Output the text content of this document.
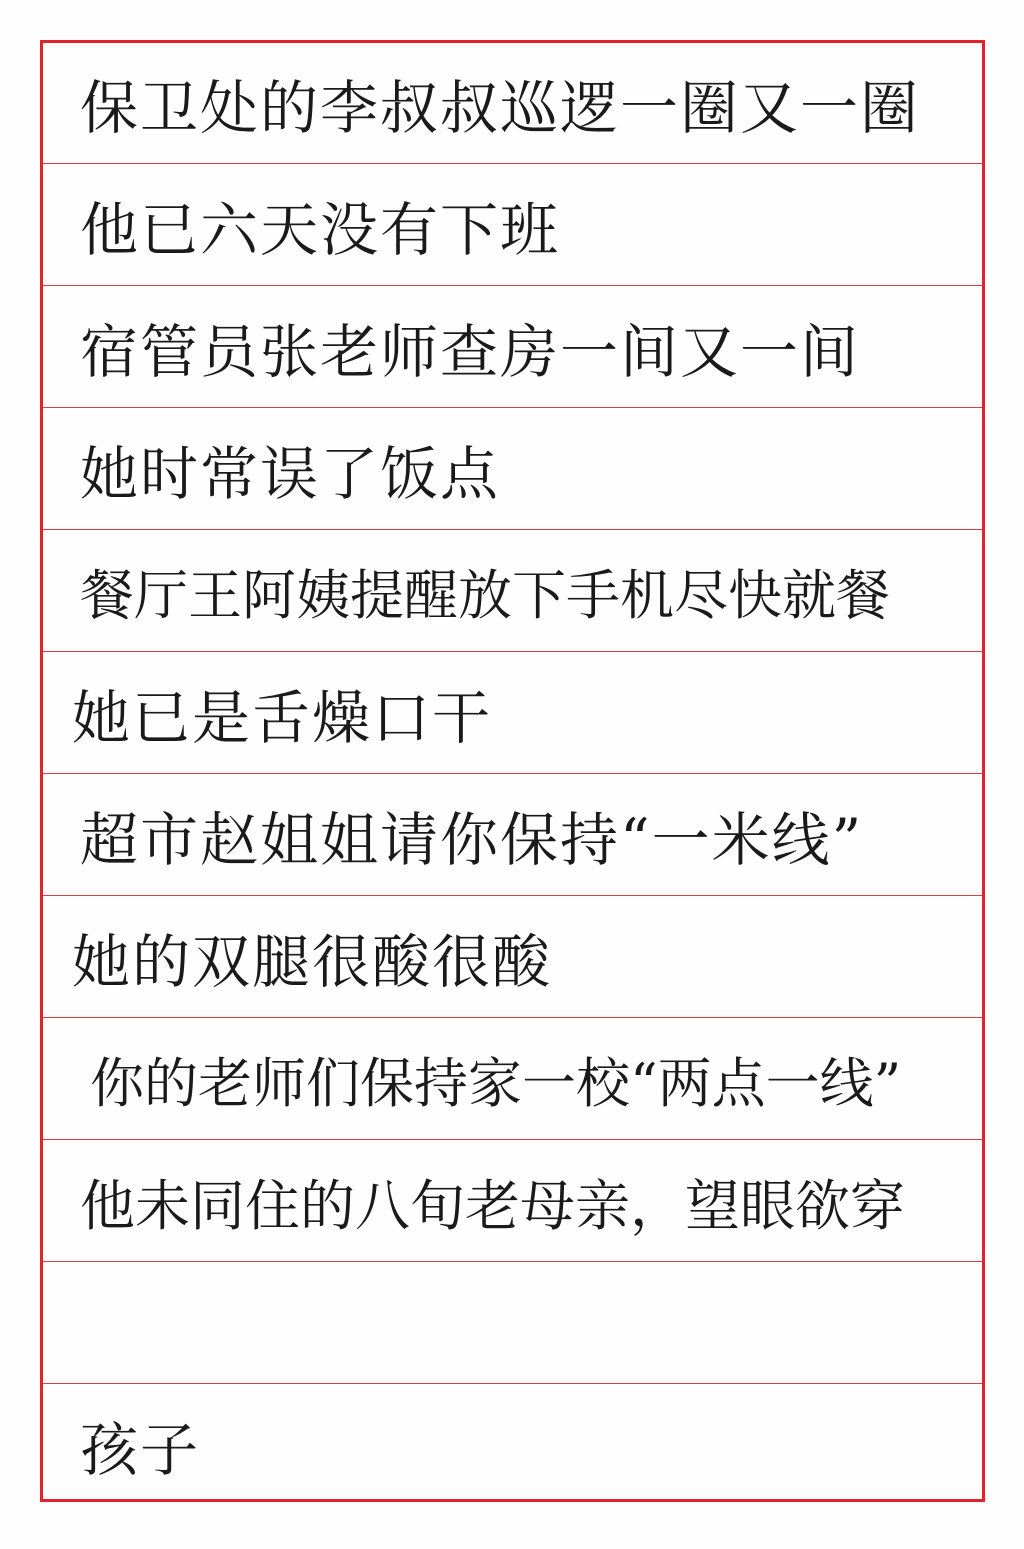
保卫处的李叔叔巡逻一圈又一圈
他已六天没有下班
宿管员张老师查房一间又一间
她时常误了饭点
餐厅王阿姨提醒放下手机尽快就餐
她已是舌燥口干
超市赵姐姐请你保持“一米线”
她的双腿很酸很酸
你的老师们保持家一校“两点一线”
他未同住的八旬老母亲，望眼欲穿
孩子
